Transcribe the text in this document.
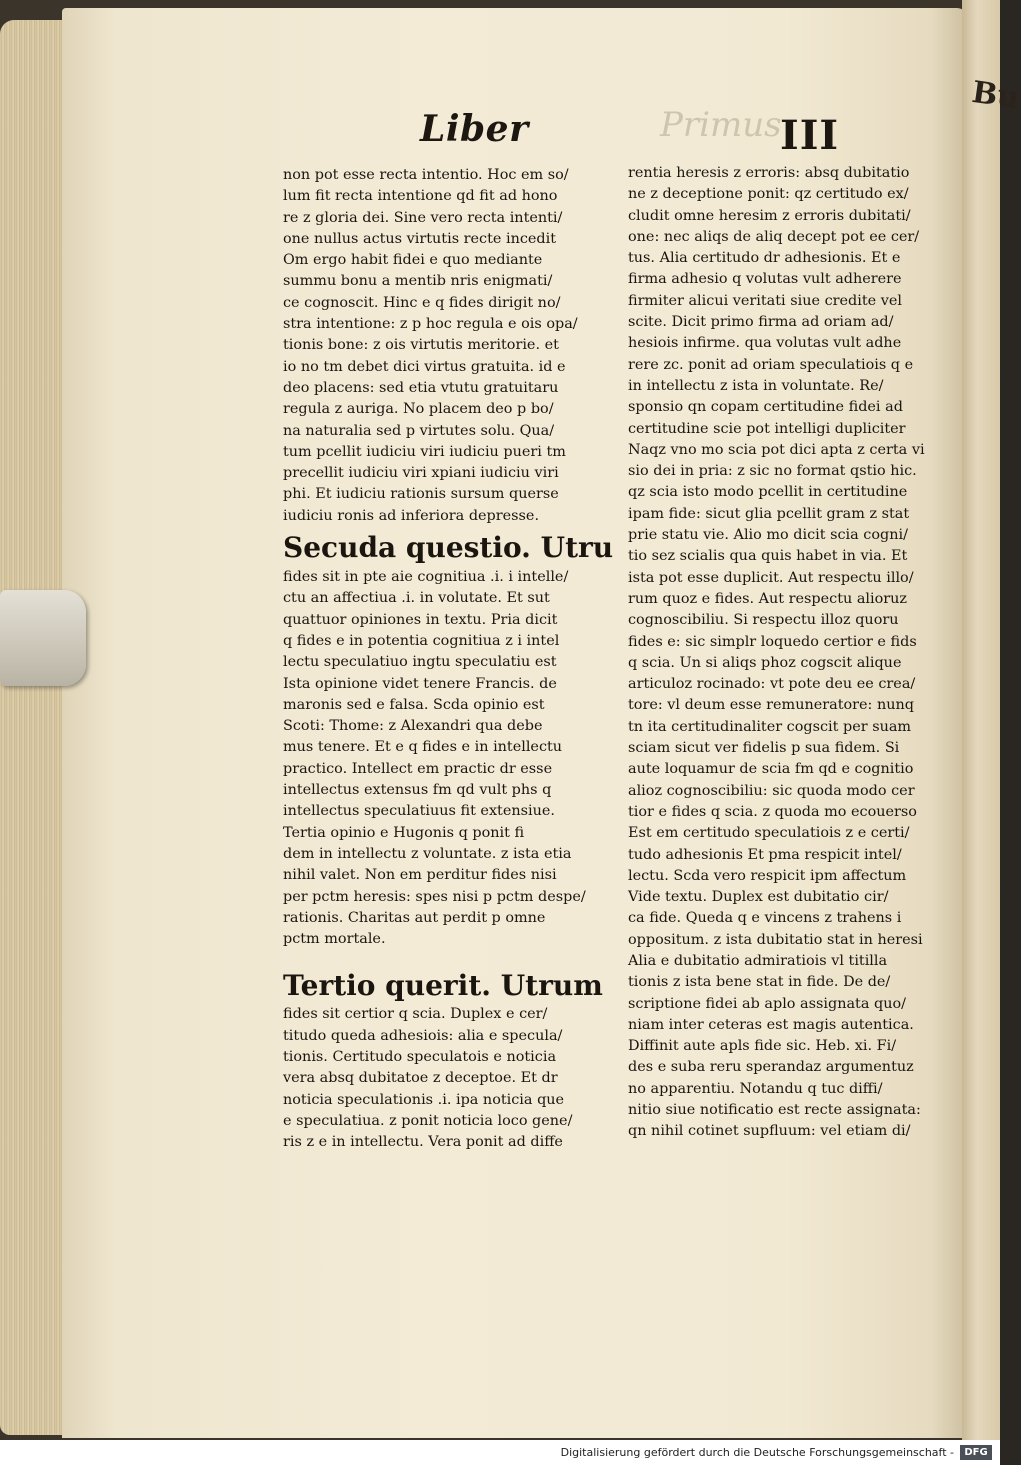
Bu
Liber	Primus
III
non pot esse recta intentio. Hoc em so/
lum fit recta intentione qd fit ad hono
re z gloria dei. Sine vero recta intenti/
one nullus actus virtutis recte incedit
Om ergo habit fidei e quo mediante
summu bonu a mentib nris enigmati/
ce cognoscit. Hinc e q fides dirigit no/
stra intentione: z p hoc regula e ois opa/
tionis bone: z ois virtutis meritorie. et
io no tm debet dici virtus gratuita. id e
deo placens: sed etia vtutu gratuitaru
regula z auriga. No placem deo p bo/
na naturalia sed p virtutes solu. Qua/
tum pcellit iudiciu viri iudiciu pueri tm
precellit iudiciu viri xpiani iudiciu viri
phi. Et iudiciu rationis sursum querse
iudiciu ronis ad inferiora depresse.
Secuda questio. Utru
fides sit in pte aie cognitiua .i. i intelle/
ctu an affectiua .i. in volutate. Et sut
quattuor opiniones in textu. Pria dicit
q fides e in potentia cognitiua z i intel
lectu speculatiuo ingtu speculatiu est
Ista opinione videt tenere Francis. de
maronis sed e falsa. Scda opinio est
Scoti: Thome: z Alexandri qua debe
mus tenere. Et e q fides e in intellectu
practico. Intellect em practic dr esse
intellectus extensus fm qd vult phs q
intellectus speculatiuus fit extensiue.
Tertia opinio e Hugonis q ponit fi
dem in intellectu z voluntate. z ista etia
nihil valet. Non em perditur fides nisi
per pctm heresis: spes nisi p pctm despe/
rationis. Charitas aut perdit p omne
pctm mortale.
Tertio querit. Utrum
fides sit certior q scia. Duplex e cer/
titudo queda adhesiois: alia e specula/
tionis. Certitudo speculatois e noticia
vera absq dubitatoe z deceptoe. Et dr
noticia speculationis .i. ipa noticia que
e speculatiua. z ponit noticia loco gene/
ris z e in intellectu. Vera ponit ad diffe
rentia heresis z erroris: absq dubitatio
ne z deceptione ponit: qz certitudo ex/
cludit omne heresim z erroris dubitati/
one: nec aliqs de aliq decept pot ee cer/
tus. Alia certitudo dr adhesionis. Et e
firma adhesio q volutas vult adherere
firmiter alicui veritati siue credite vel
scite. Dicit primo firma ad oriam ad/
hesiois infirme. qua volutas vult adhe
rere zc. ponit ad oriam speculatiois q e
in intellectu z ista in voluntate. Re/
sponsio qn copam certitudine fidei ad
certitudine scie pot intelligi dupliciter
Naqz vno mo scia pot dici apta z certa vi
sio dei in pria: z sic no format qstio hic.
qz scia isto modo pcellit in certitudine
ipam fide: sicut glia pcellit gram z stat
prie statu vie. Alio mo dicit scia cogni/
tio sez scialis qua quis habet in via. Et
ista pot esse duplicit. Aut respectu illo/
rum quoz e fides. Aut respectu alioruz
cognoscibiliu. Si respectu illoz quoru
fides e: sic simplr loquedo certior e fids
q scia. Un si aliqs phoz cogscit alique
articuloz rocinado: vt pote deu ee crea/
tore: vl deum esse remuneratore: nunq
tn ita certitudinaliter cogscit per suam
sciam sicut ver fidelis p sua fidem. Si
aute loquamur de scia fm qd e cognitio
alioz cognoscibiliu: sic quoda modo cer
tior e fides q scia. z quoda mo ecouerso
Est em certitudo speculatiois z e certi/
tudo adhesionis Et pma respicit intel/
lectu. Scda vero respicit ipm affectum
Vide textu. Duplex est dubitatio cir/
ca fide. Queda q e vincens z trahens i
oppositum. z ista dubitatio stat in heresi
Alia e dubitatio admiratiois vl titilla
tionis z ista bene stat in fide. De de/
scriptione fidei ab aplo assignata quo/
niam inter ceteras est magis autentica.
Diffinit aute apls fide sic. Heb. xi. Fi/
des e suba reru sperandaz argumentuz
no apparentiu. Notandu q tuc diffi/
nitio siue notificatio est recte assignata:
qn nihil cotinet supfluum: vel etiam di/
Digitalisierung gefördert durch die Deutsche Forschungsgemeinschaft -	DFG
